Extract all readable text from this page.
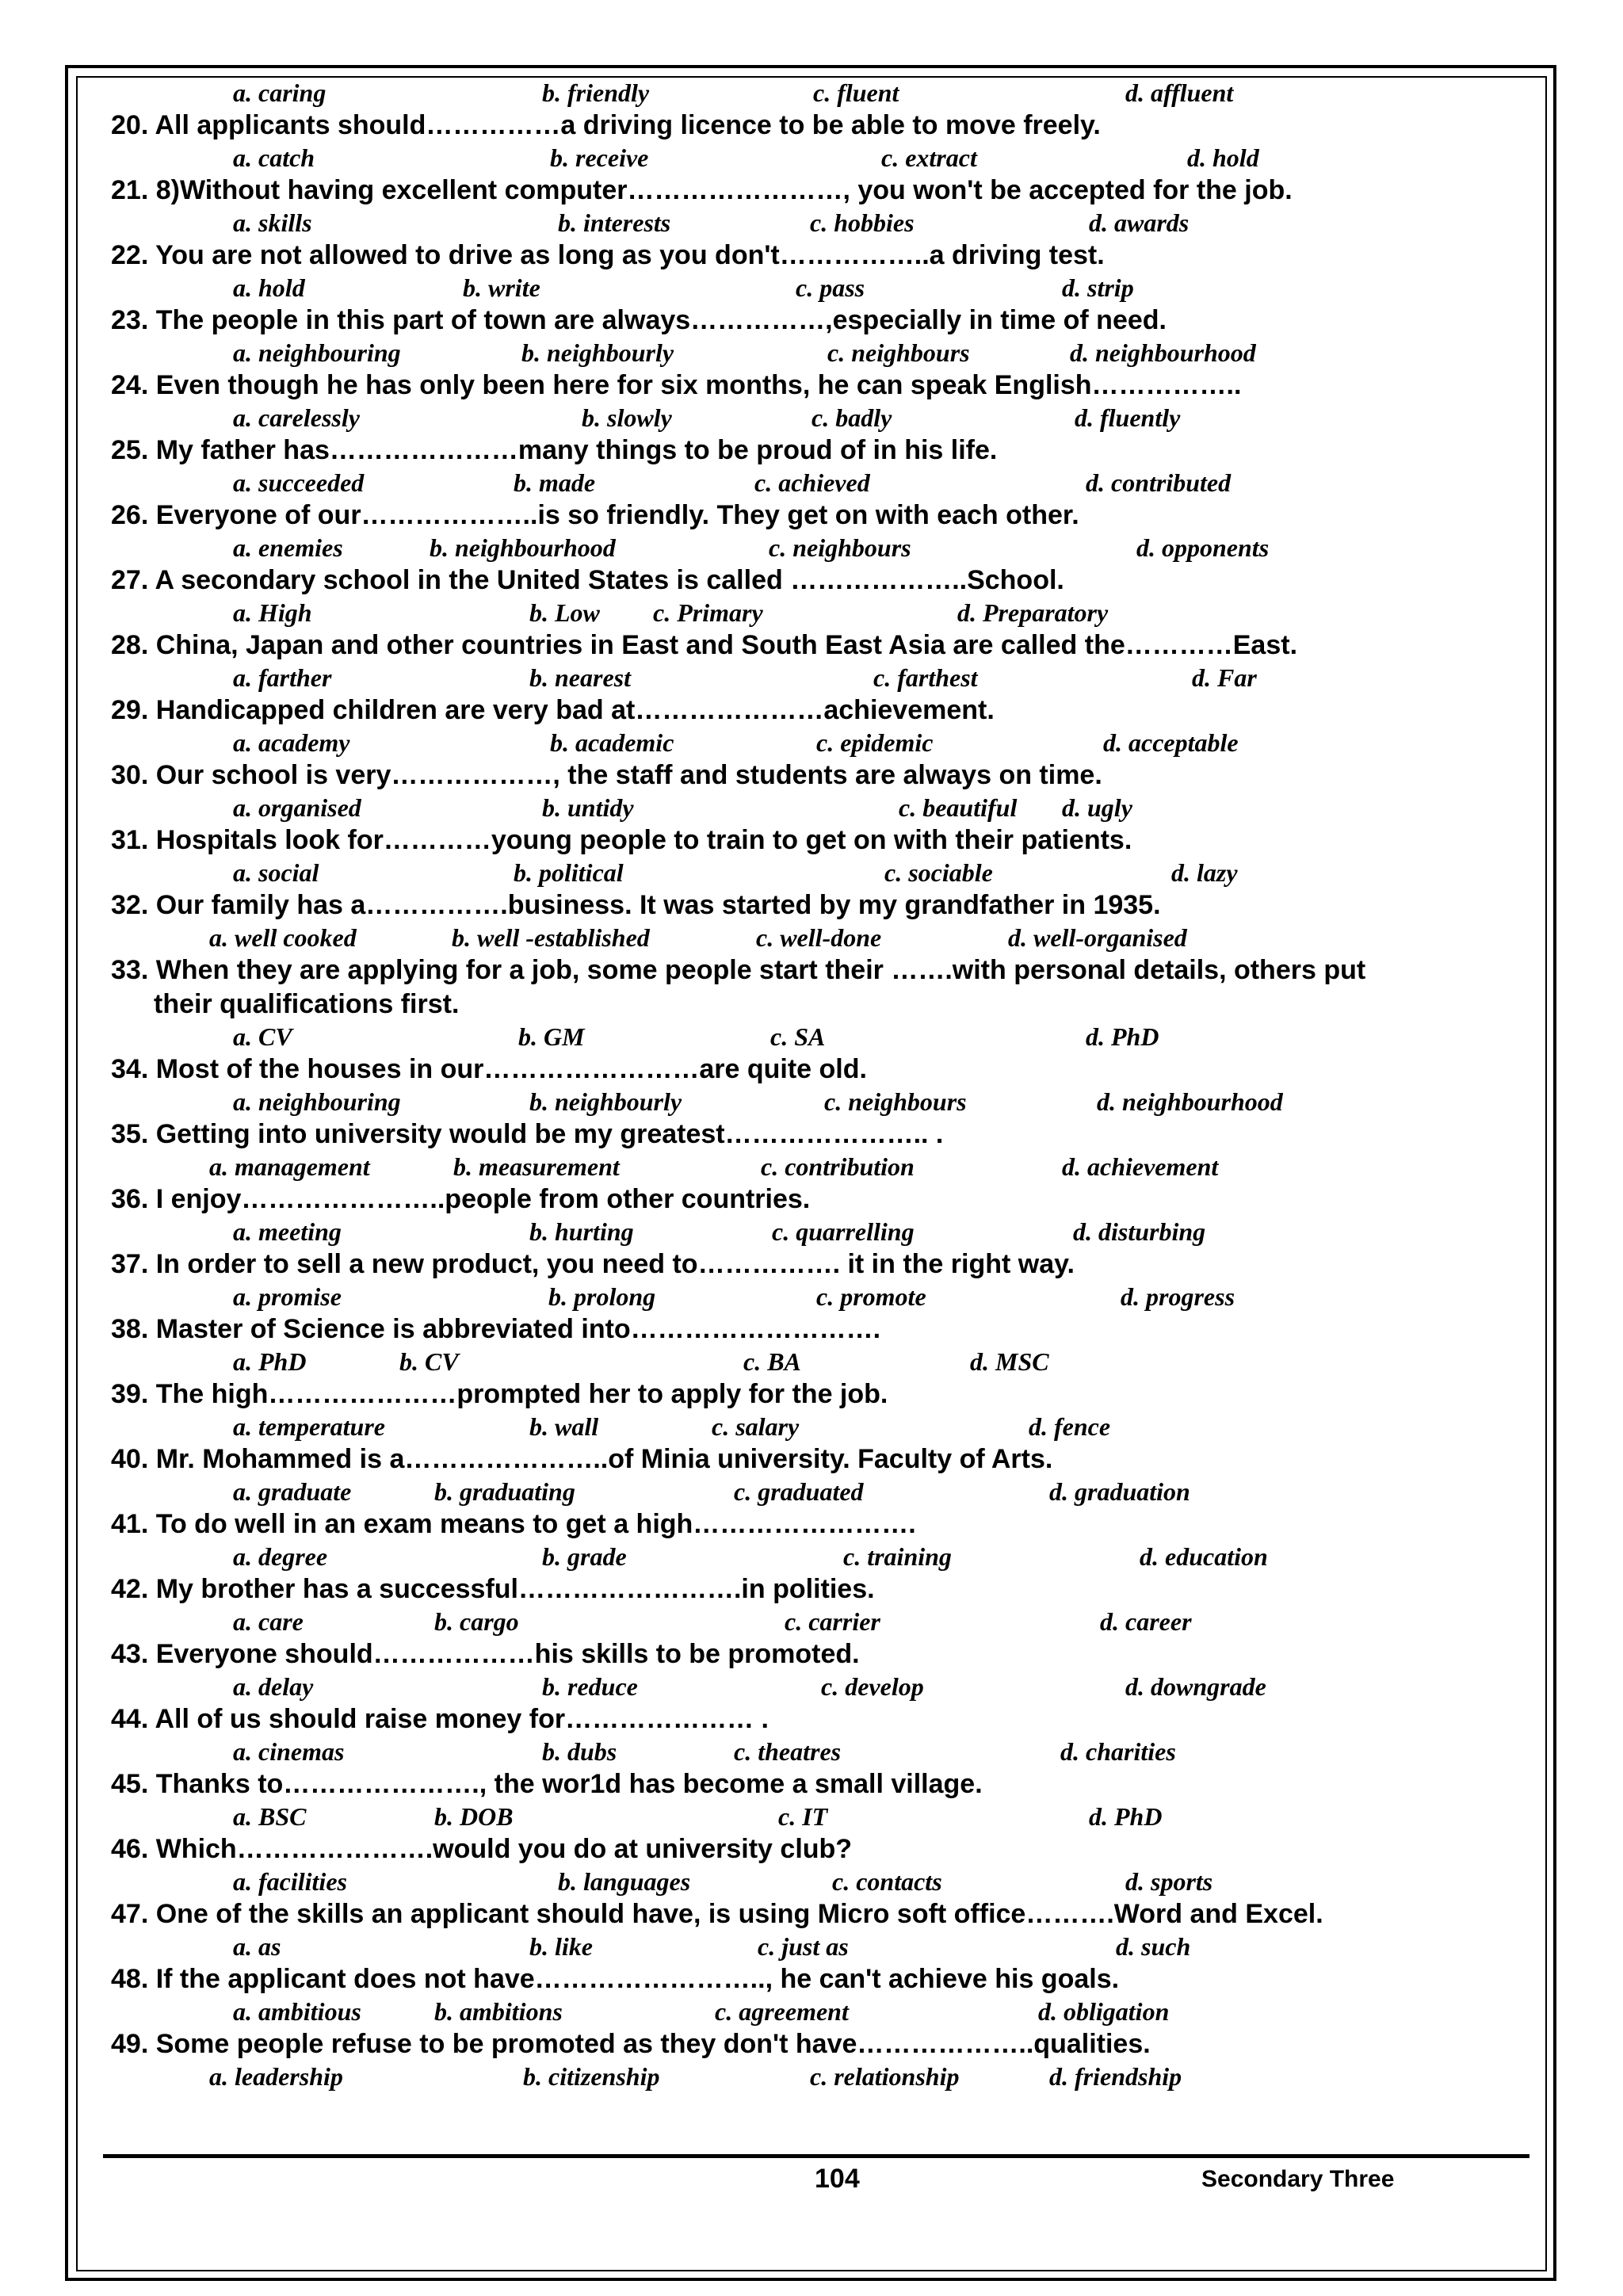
a. caring	b. friendly	c. fluent	d. affluent
20. All applicants should……………a driving licence to be able to move freely.
a. catch	b. receive	c. extract	d. hold
21. 8)Without having excellent computer……………………, you won't be accepted for the job.
a. skills	b. interests	c. hobbies	d. awards
22. You are not allowed to drive as long as you don't……………..a driving test.
a. hold	b. write	c. pass	d. strip
23. The people in this part of town are always……………,especially in time of need.
a. neighbouring	b. neighbourly	c. neighbours	d. neighbourhood
24. Even though he has only been here for six months, he can speak English……………..
a. carelessly	b. slowly	c. badly	d. fluently
25. My father has…………………many things to be proud of in his life.
a. succeeded	b. made	c. achieved	d. contributed
26. Everyone of our………………..is so friendly. They get on with each other.
a. enemies	b. neighbourhood	c. neighbours	d. opponents
27. A secondary school in the United States is called ………………..School.
a. High	b. Low c. Primary	d. Preparatory
28. China, Japan and other countries in East and South East Asia are called the…………East.
a. farther	b. nearest	c. farthest	d. Far
29. Handicapped children are very bad at…………………achievement.
a. academy	b. academic	c. epidemic	d. acceptable
30. Our school is very………………, the staff and students are always on time.
a. organised	b. untidy	c. beautiful d. ugly
31. Hospitals look for…………young people to train to get on with their patients.
a. social	b. political	c. sociable	d. lazy
32. Our family has a…………….business. It was started by my grandfather in 1935.
a. well cooked	b. well -established	c. well-done	d. well-organised
33. When they are applying for a job, some people start their …….with personal details, others put
their qualifications first.
a. CV	b. GM	c. SA	d. PhD
34. Most of the houses in our……………………are quite old.
a. neighbouring	b. neighbourly	c. neighbours	d. neighbourhood
35. Getting into university would be my greatest………………….. .
a. management	b. measurement	c. contribution	d. achievement
36. I enjoy…………………..people from other countries.
a. meeting	b. hurting	c. quarrelling	d. disturbing
37. In order to sell a new product, you need to……………. it in the right way.
a. promise	b. prolong	c. promote	d. progress
38. Master of Science is abbreviated into……………………….
a. PhD	b. CV	c. BA	d. MSC
39. The high…………………prompted her to apply for the job.
a. temperature	b. wall	c. salary	d. fence
40. Mr. Mohammed is a…………………..of Minia university. Faculty of Arts.
a. graduate	b. graduating	c. graduated	d. graduation
41. To do well in an exam means to get a high…………………….
a. degree	b. grade	c. training	d. education
42. My brother has a successful…………………….in polities.
a. care	b. cargo	c. carrier	d. career
43. Everyone should………………his skills to be promoted.
a. delay	b. reduce	c. develop	d. downgrade
44. All of us should raise money for………………… .
a. cinemas	b. dubs	c. theatres	d. charities
45. Thanks to…………………., the wor1d has become a small village.
a. BSC	b. DOB	c. IT	d. PhD
46. Which………………….would you do at university club?
a. facilities	b. languages	c. contacts	d. sports
47. One of the skills an applicant should have, is using Micro soft office……….Word and Excel.
a. as	b. like	c. just as	d. such
48. If the applicant does not have…………………….., he can't achieve his goals.
a. ambitious	b. ambitions	c. agreement	d. obligation
49. Some people refuse to be promoted as they don't have………………..qualities.
a. leadership	b. citizenship	c. relationship	d. friendship
104	Secondary Three
